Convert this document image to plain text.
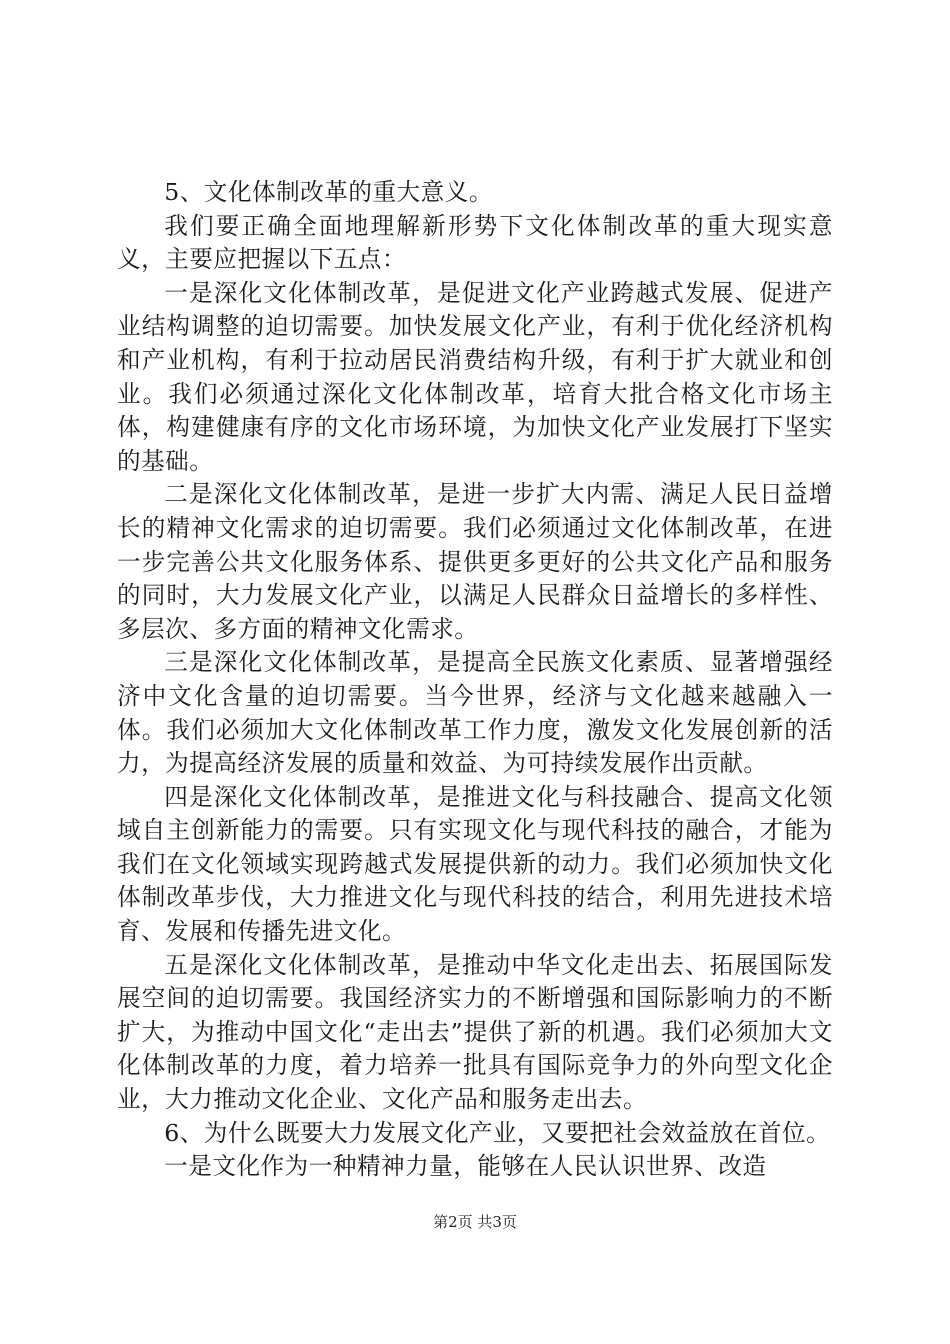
5、文化体制改革的重大意义。

我们要正确全面地理解新形势下文化体制改革的重大现实意义，主要应把握以下五点：

一是深化文化体制改革，是促进文化产业跨越式发展、促进产业结构调整的迫切需要。加快发展文化产业，有利于优化经济机构和产业机构，有利于拉动居民消费结构升级，有利于扩大就业和创业。我们必须通过深化文化体制改革，培育大批合格文化市场主体，构建健康有序的文化市场环境，为加快文化产业发展打下坚实的基础。

二是深化文化体制改革，是进一步扩大内需、满足人民日益增长的精神文化需求的迫切需要。我们必须通过文化体制改革，在进一步完善公共文化服务体系、提供更多更好的公共文化产品和服务的同时，大力发展文化产业，以满足人民群众日益增长的多样性、多层次、多方面的精神文化需求。

三是深化文化体制改革，是提高全民族文化素质、显著增强经济中文化含量的迫切需要。当今世界，经济与文化越来越融入一体。我们必须加大文化体制改革工作力度，激发文化发展创新的活力，为提高经济发展的质量和效益、为可持续发展作出贡献。

四是深化文化体制改革，是推进文化与科技融合、提高文化领域自主创新能力的需要。只有实现文化与现代科技的融合，才能为我们在文化领域实现跨越式发展提供新的动力。我们必须加快文化体制改革步伐，大力推进文化与现代科技的结合，利用先进技术培育、发展和传播先进文化。

五是深化文化体制改革，是推动中华文化走出去、拓展国际发展空间的迫切需要。我国经济实力的不断增强和国际影响力的不断扩大，为推动中国文化“走出去”提供了新的机遇。我们必须加大文化体制改革的力度，着力培养一批具有国际竞争力的外向型文化企业，大力推动文化企业、文化产品和服务走出去。

6、为什么既要大力发展文化产业，又要把社会效益放在首位。

一是文化作为一种精神力量，能够在人民认识世界、改造

第2页 共3页
